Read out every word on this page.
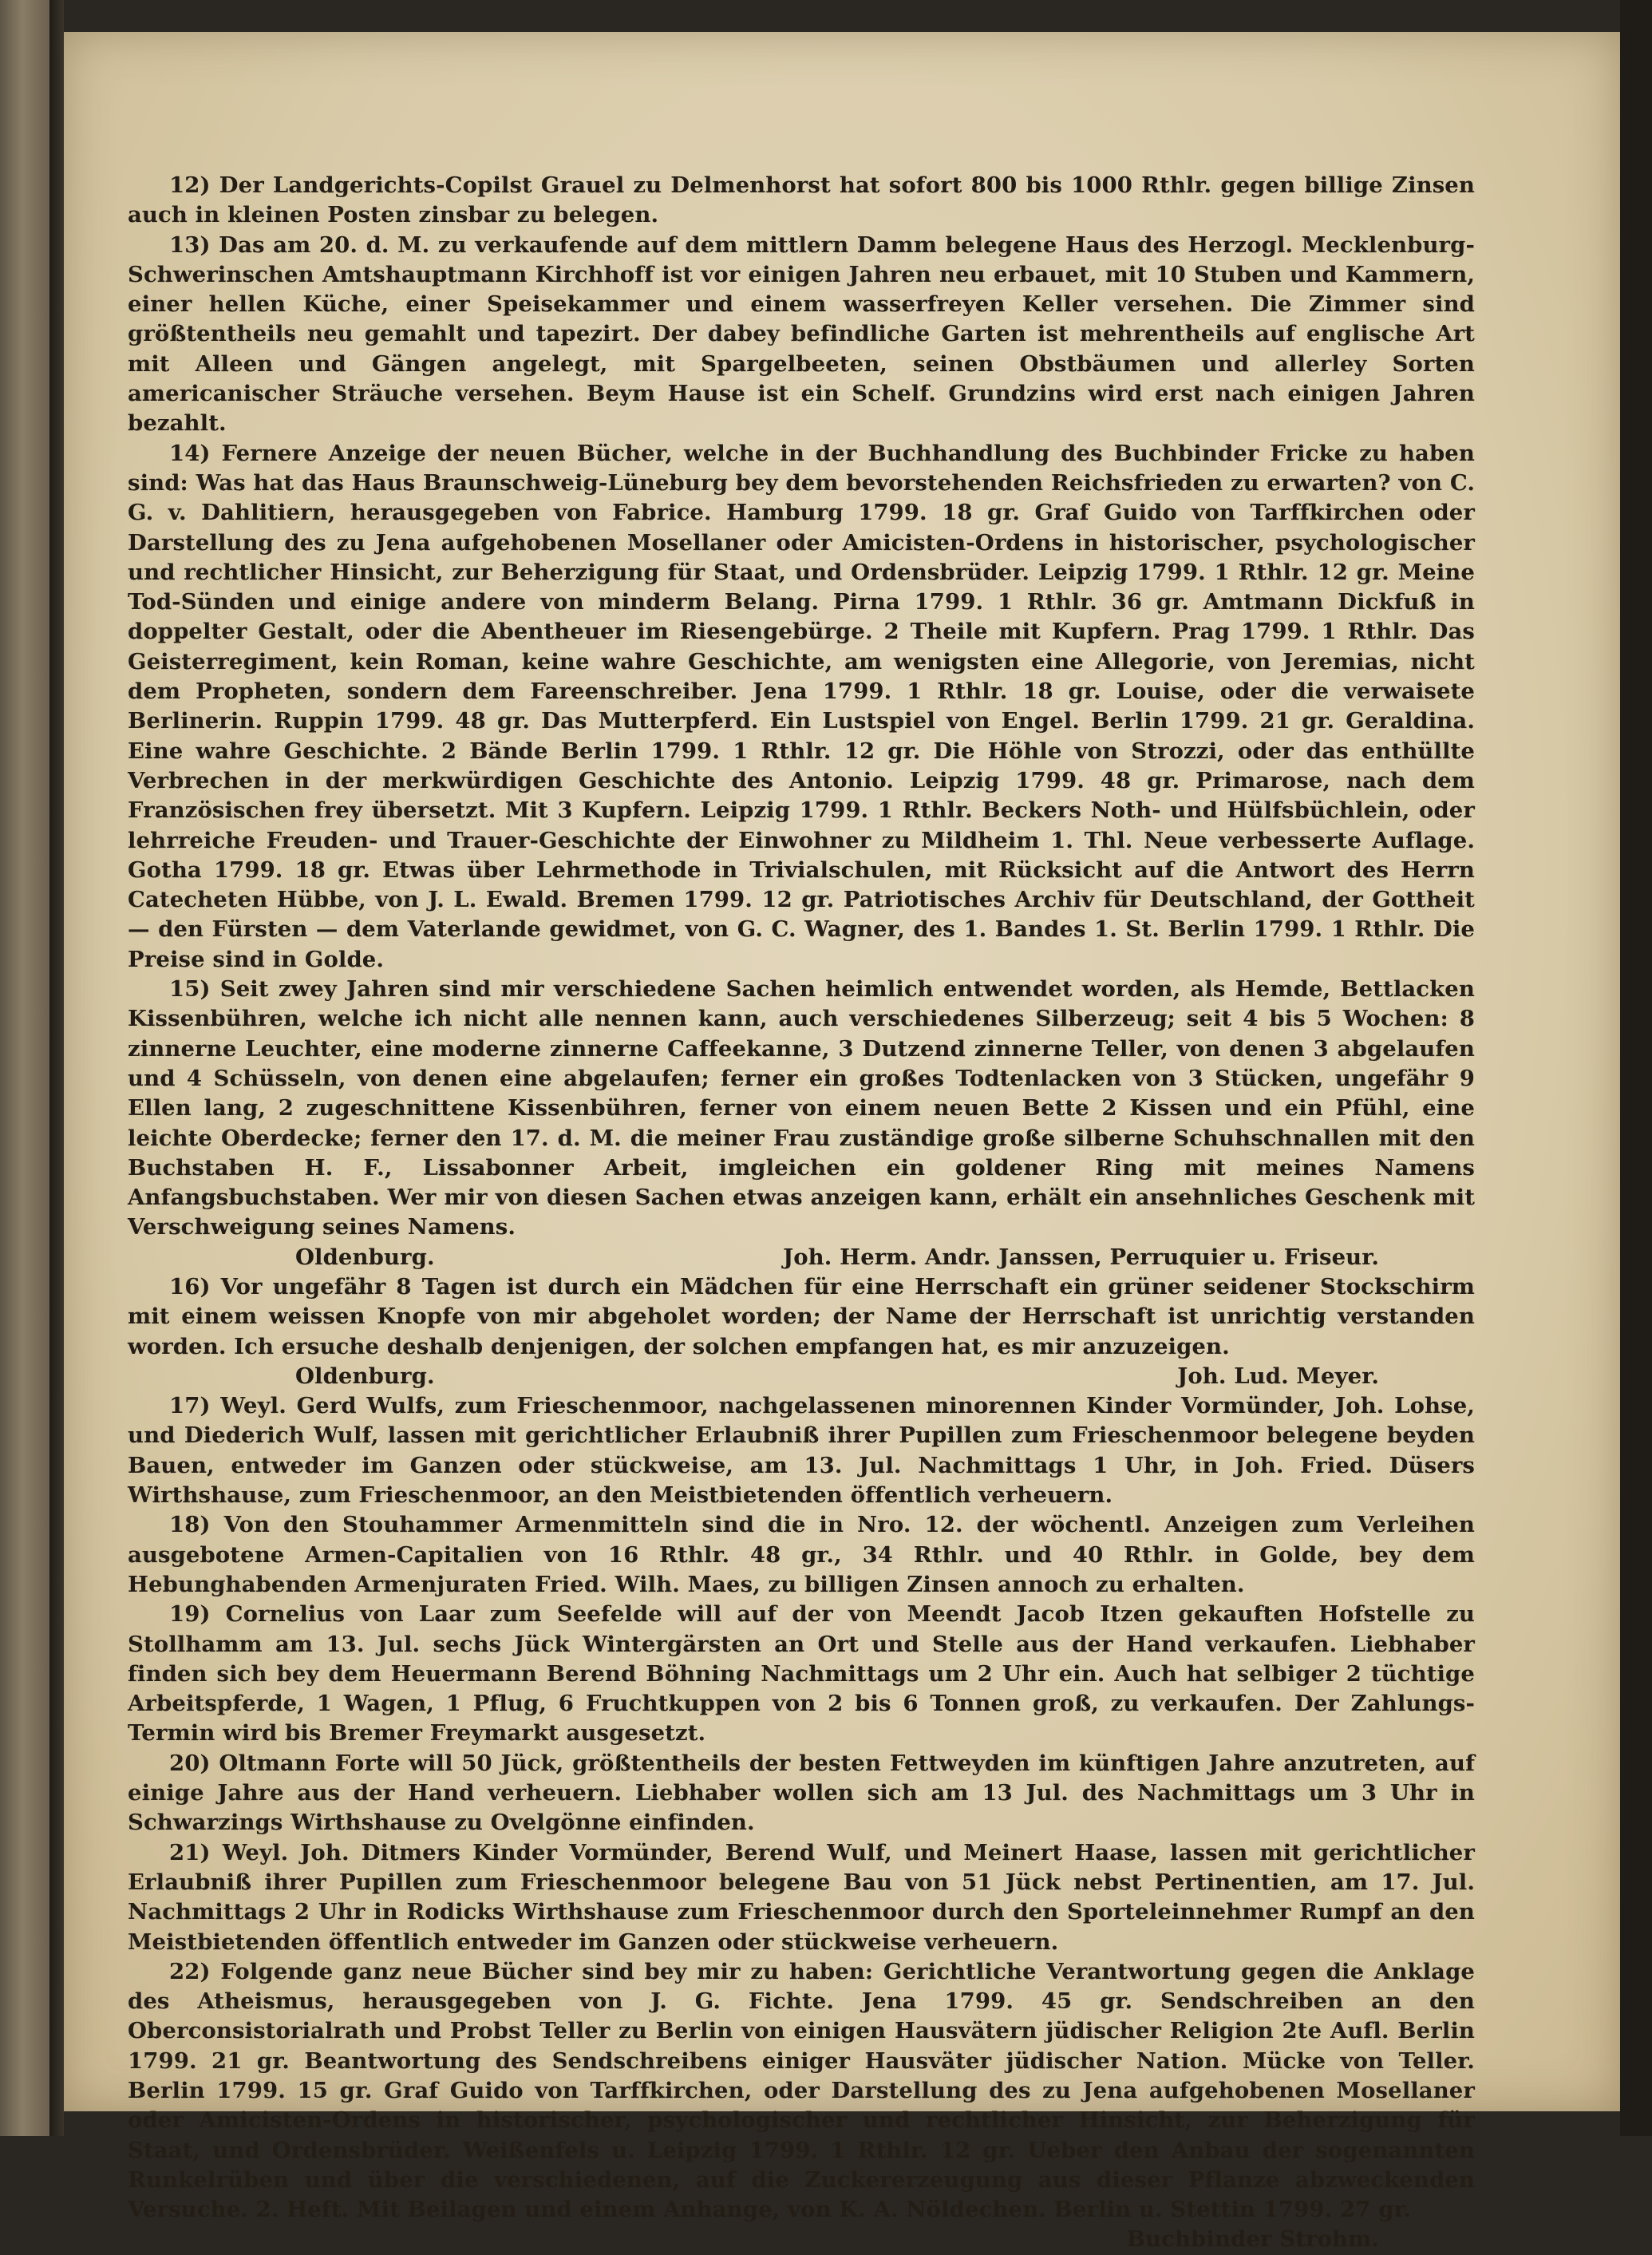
12) Der Landgerichts-Copilst Grauel zu Delmenhorst hat sofort 800 bis 1000 Rthlr. gegen billige Zinsen auch in kleinen Posten zinsbar zu belegen.

13) Das am 20. d. M. zu verkaufende auf dem mittlern Damm belegene Haus des Herzogl. Mecklenburg-Schwerinschen Amtshauptmann Kirchhoff ist vor einigen Jahren neu erbauet, mit 10 Stuben und Kammern, einer hellen Küche, einer Speisekammer und einem wasserfreyen Keller versehen. Die Zimmer sind größtentheils neu gemahlt und tapezirt. Der dabey befindliche Garten ist mehrentheils auf englische Art mit Alleen und Gängen angelegt, mit Spargelbeeten, seinen Obstbäumen und allerley Sorten americanischer Sträuche versehen. Beym Hause ist ein Schelf. Grundzins wird erst nach einigen Jahren bezahlt.

14) Fernere Anzeige der neuen Bücher, welche in der Buchhandlung des Buchbinder Fricke zu haben sind: Was hat das Haus Braunschweig-Lüneburg bey dem bevorstehenden Reichsfrieden zu erwarten? von C. G. v. Dahlitiern, herausgegeben von Fabrice. Hamburg 1799. 18 gr. Graf Guido von Tarffkirchen oder Darstellung des zu Jena aufgehobenen Mosellaner oder Amicisten-Ordens in historischer, psychologischer und rechtlicher Hinsicht, zur Beherzigung für Staat, und Ordensbrüder. Leipzig 1799. 1 Rthlr. 12 gr. Meine Tod-Sünden und einige andere von minderm Belang. Pirna 1799. 1 Rthlr. 36 gr. Amtmann Dickfuß in doppelter Gestalt, oder die Abentheuer im Riesengebürge. 2 Theile mit Kupfern. Prag 1799. 1 Rthlr. Das Geisterregiment, kein Roman, keine wahre Geschichte, am wenigsten eine Allegorie, von Jeremias, nicht dem Propheten, sondern dem Fareenschreiber. Jena 1799. 1 Rthlr. 18 gr. Louise, oder die verwaisete Berlinerin. Ruppin 1799. 48 gr. Das Mutterpferd. Ein Lustspiel von Engel. Berlin 1799. 21 gr. Geraldina. Eine wahre Geschichte. 2 Bände Berlin 1799. 1 Rthlr. 12 gr. Die Höhle von Strozzi, oder das enthüllte Verbrechen in der merkwürdigen Geschichte des Antonio. Leipzig 1799. 48 gr. Primarose, nach dem Französischen frey übersetzt. Mit 3 Kupfern. Leipzig 1799. 1 Rthlr. Beckers Noth- und Hülfsbüchlein, oder lehrreiche Freuden- und Trauer-Geschichte der Einwohner zu Mildheim 1. Thl. Neue verbesserte Auflage. Gotha 1799. 18 gr. Etwas über Lehrmethode in Trivialschulen, mit Rücksicht auf die Antwort des Herrn Catecheten Hübbe, von J. L. Ewald. Bremen 1799. 12 gr. Patriotisches Archiv für Deutschland, der Gottheit — den Fürsten — dem Vaterlande gewidmet, von G. C. Wagner, des 1. Bandes 1. St. Berlin 1799. 1 Rthlr. Die Preise sind in Golde.

15) Seit zwey Jahren sind mir verschiedene Sachen heimlich entwendet worden, als Hemde, Bettlacken Kissenbühren, welche ich nicht alle nennen kann, auch verschiedenes Silberzeug; seit 4 bis 5 Wochen: 8 zinnerne Leuchter, eine moderne zinnerne Caffeekanne, 3 Dutzend zinnerne Teller, von denen 3 abgelaufen und 4 Schüsseln, von denen eine abgelaufen; ferner ein großes Todtenlacken von 3 Stücken, ungefähr 9 Ellen lang, 2 zugeschnittene Kissenbühren, ferner von einem neuen Bette 2 Kissen und ein Pfühl, eine leichte Oberdecke; ferner den 17. d. M. die meiner Frau zuständige große silberne Schuhschnallen mit den Buchstaben H. F., Lissabonner Arbeit, imgleichen ein goldener Ring mit meines Namens Anfangsbuchstaben. Wer mir von diesen Sachen etwas anzeigen kann, erhält ein ansehnliches Geschenk mit Verschweigung seines Namens.

Oldenburg.	Joh. Herm. Andr. Janssen, Perruquier u. Friseur.

16) Vor ungefähr 8 Tagen ist durch ein Mädchen für eine Herrschaft ein grüner seidener Stockschirm mit einem weissen Knopfe von mir abgeholet worden; der Name der Herrschaft ist unrichtig verstanden worden. Ich ersuche deshalb denjenigen, der solchen empfangen hat, es mir anzuzeigen.

Oldenburg.	Joh. Lud. Meyer.

17) Weyl. Gerd Wulfs, zum Frieschenmoor, nachgelassenen minorennen Kinder Vormünder, Joh. Lohse, und Diederich Wulf, lassen mit gerichtlicher Erlaubniß ihrer Pupillen zum Frieschenmoor belegene beyden Bauen, entweder im Ganzen oder stückweise, am 13. Jul. Nachmittags 1 Uhr, in Joh. Fried. Düsers Wirthshause, zum Frieschenmoor, an den Meistbietenden öffentlich verheuern.

18) Von den Stouhammer Armenmitteln sind die in Nro. 12. der wöchentl. Anzeigen zum Verleihen ausgebotene Armen-Capitalien von 16 Rthlr. 48 gr., 34 Rthlr. und 40 Rthlr. in Golde, bey dem Hebunghabenden Armenjuraten Fried. Wilh. Maes, zu billigen Zinsen annoch zu erhalten.

19) Cornelius von Laar zum Seefelde will auf der von Meendt Jacob Itzen gekauften Hofstelle zu Stollhamm am 13. Jul. sechs Jück Wintergärsten an Ort und Stelle aus der Hand verkaufen. Liebhaber finden sich bey dem Heuermann Berend Böhning Nachmittags um 2 Uhr ein. Auch hat selbiger 2 tüchtige Arbeitspferde, 1 Wagen, 1 Pflug, 6 Fruchtkuppen von 2 bis 6 Tonnen groß, zu verkaufen. Der Zahlungs-Termin wird bis Bremer Freymarkt ausgesetzt.

20) Oltmann Forte will 50 Jück, größtentheils der besten Fettweyden im künftigen Jahre anzutreten, auf einige Jahre aus der Hand verheuern. Liebhaber wollen sich am 13 Jul. des Nachmittags um 3 Uhr in Schwarzings Wirthshause zu Ovelgönne einfinden.

21) Weyl. Joh. Ditmers Kinder Vormünder, Berend Wulf, und Meinert Haase, lassen mit gerichtlicher Erlaubniß ihrer Pupillen zum Frieschenmoor belegene Bau von 51 Jück nebst Pertinentien, am 17. Jul. Nachmittags 2 Uhr in Rodicks Wirthshause zum Frieschenmoor durch den Sporteleinnehmer Rumpf an den Meistbietenden öffentlich entweder im Ganzen oder stückweise verheuern.

22) Folgende ganz neue Bücher sind bey mir zu haben: Gerichtliche Verantwortung gegen die Anklage des Atheismus, herausgegeben von J. G. Fichte. Jena 1799. 45 gr. Sendschreiben an den Oberconsistorialrath und Probst Teller zu Berlin von einigen Hausvätern jüdischer Religion 2te Aufl. Berlin 1799. 21 gr. Beantwortung des Sendschreibens einiger Hausväter jüdischer Nation. Mücke von Teller. Berlin 1799. 15 gr. Graf Guido von Tarffkirchen, oder Darstellung des zu Jena aufgehobenen Mosellaner oder Amicisten-Ordens in historischer, psychologischer und rechtlicher Hinsicht, zur Beherzigung für Staat, und Ordensbrüder. Weißenfels u. Leipzig 1799. 1 Rthlr. 12 gr. Ueber den Anbau der sogenannten Runkelrüben und über die verschiedenen, auf die Zuckererzeugung aus dieser Pflanze abzweckenden Versuche. 2. Heft. Mit Beilagen und einem Anhange, von K. A. Nöldechen. Berlin u. Stettin 1799. 27 gr.

Buchbinder Strohm.
